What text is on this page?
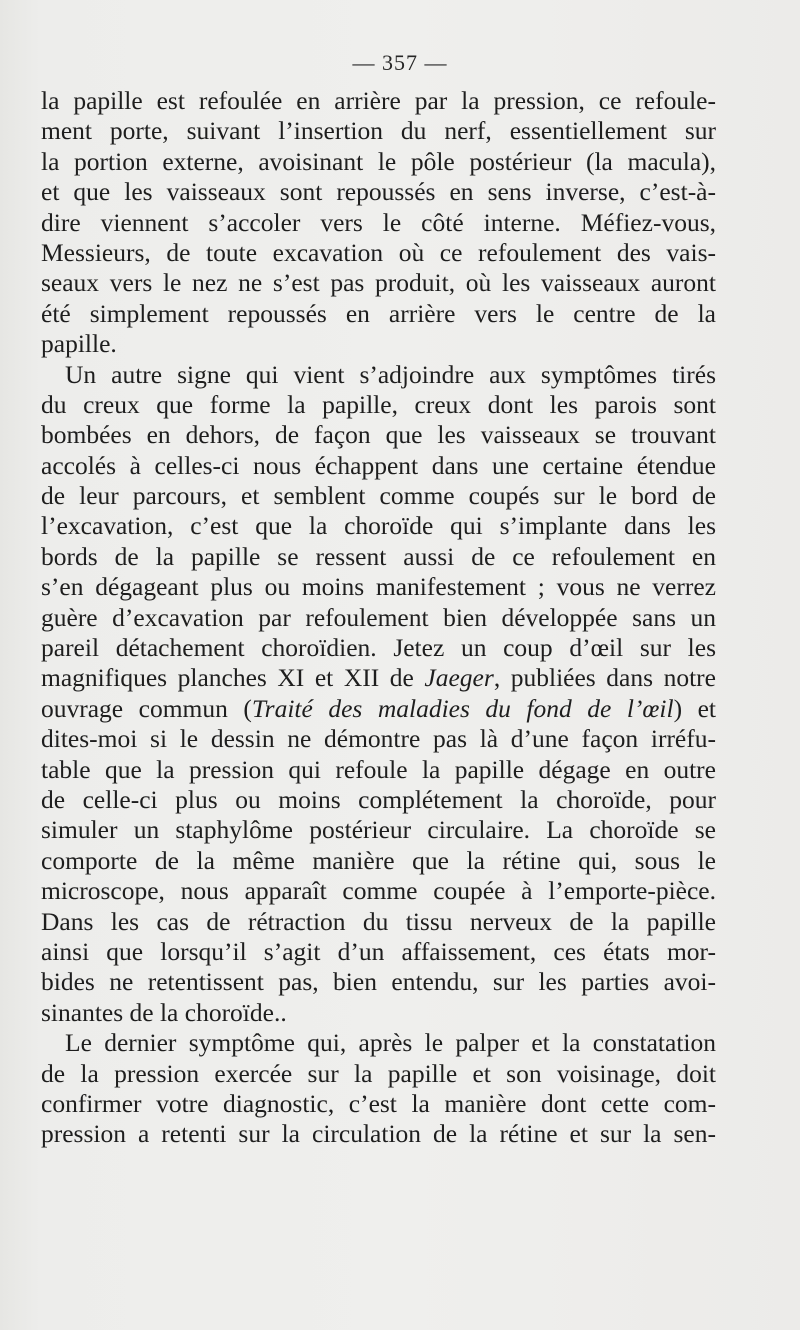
— 357 —

la papille est refoulée en arrière par la pression, ce refoule-
ment porte, suivant l’insertion du nerf, essentiellement sur
la portion externe, avoisinant le pôle postérieur (la macula),
et que les vaisseaux sont repoussés en sens inverse, c’est-à-
dire viennent s’accoler vers le côté interne. Méfiez-vous,
Messieurs, de toute excavation où ce refoulement des vais-
seaux vers le nez ne s’est pas produit, où les vaisseaux auront
été simplement repoussés en arrière vers le centre de la
papille.
Un autre signe qui vient s’adjoindre aux symptômes tirés
du creux que forme la papille, creux dont les parois sont
bombées en dehors, de façon que les vaisseaux se trouvant
accolés à celles-ci nous échappent dans une certaine étendue
de leur parcours, et semblent comme coupés sur le bord de
l’excavation, c’est que la choroïde qui s’implante dans les
bords de la papille se ressent aussi de ce refoulement en
s’en dégageant plus ou moins manifestement ; vous ne verrez
guère d’excavation par refoulement bien développée sans un
pareil détachement choroïdien. Jetez un coup d’œil sur les
magnifiques planches XI et XII de Jaeger, publiées dans notre
ouvrage commun (Traité des maladies du fond de l’œil) et
dites-moi si le dessin ne démontre pas là d’une façon irréfu-
table que la pression qui refoule la papille dégage en outre
de celle-ci plus ou moins complétement la choroïde, pour
simuler un staphylôme postérieur circulaire. La choroïde se
comporte de la même manière que la rétine qui, sous le
microscope, nous apparaît comme coupée à l’emporte-pièce.
Dans les cas de rétraction du tissu nerveux de la papille
ainsi que lorsqu’il s’agit d’un affaissement, ces états mor-
bides ne retentissent pas, bien entendu, sur les parties avoi-
sinantes de la choroïde..
Le dernier symptôme qui, après le palper et la constatation
de la pression exercée sur la papille et son voisinage, doit
confirmer votre diagnostic, c’est la manière dont cette com-
pression a retenti sur la circulation de la rétine et sur la sen-
